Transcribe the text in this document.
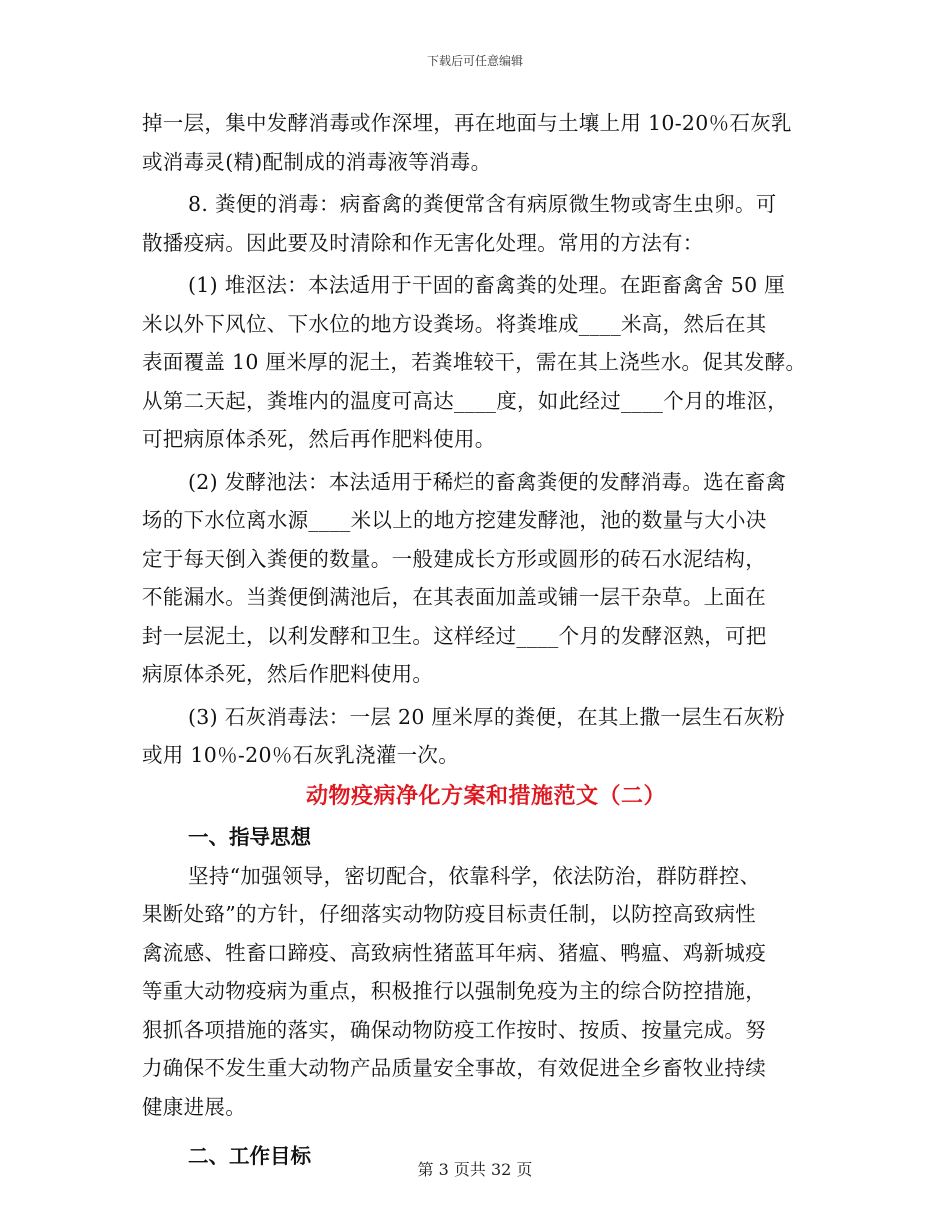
下载后可任意编辑
掉一层，集中发酵消毒或作深埋，再在地面与土壤上用 10-20％石灰乳
或消毒灵(精)配制成的消毒液等消毒。
8. 粪便的消毒：病畜禽的粪便常含有病原微生物或寄生虫卵。可
散播疫病。因此要及时清除和作无害化处理。常用的方法有：
(1) 堆沤法：本法适用于干固的畜禽粪的处理。在距畜禽舍 50 厘
米以外下风位、下水位的地方设粪场。将粪堆成____米高，然后在其
表面覆盖 10 厘米厚的泥土，若粪堆较干，需在其上浇些水。促其发酵。
从第二天起，粪堆内的温度可高达____度，如此经过____个月的堆沤，
可把病原体杀死，然后再作肥料使用。
(2) 发酵池法：本法适用于稀烂的畜禽粪便的发酵消毒。选在畜禽
场的下水位离水源____米以上的地方挖建发酵池，池的数量与大小决
定于每天倒入粪便的数量。一般建成长方形或圆形的砖石水泥结构，
不能漏水。当粪便倒满池后，在其表面加盖或铺一层干杂草。上面在
封一层泥土，以利发酵和卫生。这样经过____个月的发酵沤熟，可把
病原体杀死，然后作肥料使用。
(3) 石灰消毒法：一层 20 厘米厚的粪便，在其上撒一层生石灰粉
或用 10％-20％石灰乳浇灌一次。
动物疫病净化方案和措施范文（二）
一、指导思想
坚持“加强领导，密切配合，依靠科学，依法防治，群防群控、
果断处臵”的方针，仔细落实动物防疫目标责任制，以防控高致病性
禽流感、牲畜口蹄疫、高致病性猪蓝耳年病、猪瘟、鸭瘟、鸡新城疫
等重大动物疫病为重点，积极推行以强制免疫为主的综合防控措施，
狠抓各项措施的落实，确保动物防疫工作按时、按质、按量完成。努
力确保不发生重大动物产品质量安全事故，有效促进全乡畜牧业持续
健康进展。
二、工作目标
第 3 页共 32 页
